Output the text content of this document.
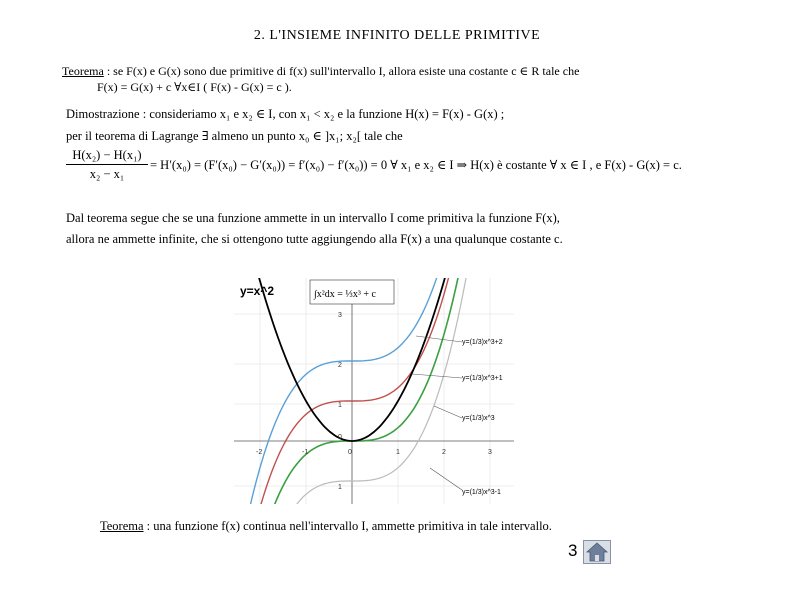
2. L'INSIEME INFINITO DELLE PRIMITIVE
Teorema : se F(x) e G(x) sono due primitive di f(x) sull'intervallo I, allora esiste una costante c ∈ R tale che
F(x) = G(x) + c ∀x∈I ( F(x) - G(x) = c ).
Dimostrazione : consideriamo x₁ e x₂ ∈ I, con x₁ < x₂ e la funzione H(x) = F(x) - G(x) ;
per il teorema di Lagrange ∃ almeno un punto x₀ ∈ ]x₁; x₂[ tale che
$\frac{\text{H(x₂) − H(x₁)}}{\text{x₂ − x₁}} = H'(x_0) = (F'(x_0) - G'(x_0)) = f'(x_0) - f'(x_0)) = 0$ ∀ x₁ e x₂ ∈ I ⇒ H(x) è costante ∀ x ∈ I , e F(x) - G(x) = c.
Dal teorema segue che se una funzione ammette in un intervallo I come primitiva la funzione F(x),
allora ne ammette infinite, che si ottengono tutte aggiungendo alla F(x) a una qualunque costante c.
y=x^2	∫x²dx = ⅓x³ + c
y=(1/3)x^3+2
y=(1/3)x^3+1
y=(1/3)x^3
y=(1/3)x^3-1
-2	-1	0	1	2	3
3
2
1
0
1
Teorema : una funzione f(x) continua nell'intervallo I, ammette primitiva in tale intervallo.
3
